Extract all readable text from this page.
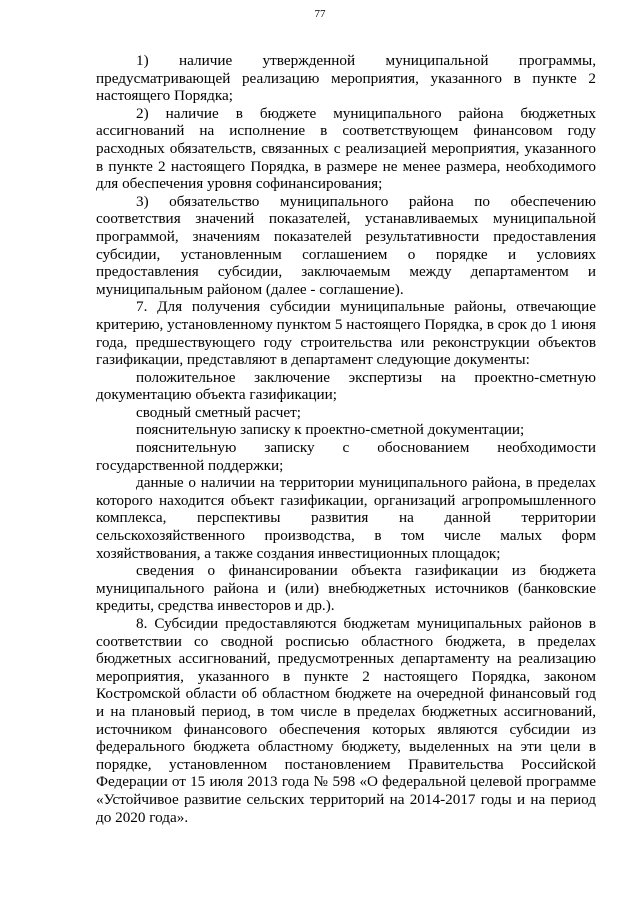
77

1) наличие утвержденной муниципальной программы, предусматривающей реализацию мероприятия, указанного в пункте 2 настоящего Порядка;

2) наличие в бюджете муниципального района бюджетных ассигнований на исполнение в соответствующем финансовом году расходных обязательств, связанных с реализацией мероприятия, указанного в пункте 2 настоящего Порядка, в размере не менее размера, необходимого для обеспечения уровня софинансирования;

3) обязательство муниципального района по обеспечению соответствия значений показателей, устанавливаемых муниципальной программой, значениям показателей результативности предоставления субсидии, установленным соглашением о порядке и условиях предоставления субсидии, заключаемым между департаментом и муниципальным районом (далее - соглашение).

7. Для получения субсидии муниципальные районы, отвечающие критерию, установленному пунктом 5 настоящего Порядка, в срок до 1 июня года, предшествующего году строительства или реконструкции объектов газификации, представляют в департамент следующие документы:

положительное заключение экспертизы на проектно-сметную документацию объекта газификации;

сводный сметный расчет;

пояснительную записку к проектно-сметной документации;

пояснительную записку с обоснованием необходимости государственной поддержки;

данные о наличии на территории муниципального района, в пределах которого находится объект газификации, организаций агропромышленного комплекса, перспективы развития на данной территории сельскохозяйственного производства, в том числе малых форм хозяйствования, а также создания инвестиционных площадок;

сведения о финансировании объекта газификации из бюджета муниципального района и (или) внебюджетных источников (банковские кредиты, средства инвесторов и др.).

8. Субсидии предоставляются бюджетам муниципальных районов в соответствии со сводной росписью областного бюджета, в пределах бюджетных ассигнований, предусмотренных департаменту на реализацию мероприятия, указанного в пункте 2 настоящего Порядка, законом Костромской области об областном бюджете на очередной финансовый год и на плановый период, в том числе в пределах бюджетных ассигнований, источником финансового обеспечения которых являются субсидии из федерального бюджета областному бюджету, выделенных на эти цели в порядке, установленном постановлением Правительства Российской Федерации от 15 июля 2013 года № 598 «О федеральной целевой программе «Устойчивое развитие сельских территорий на 2014-2017 годы и на период до 2020 года».
